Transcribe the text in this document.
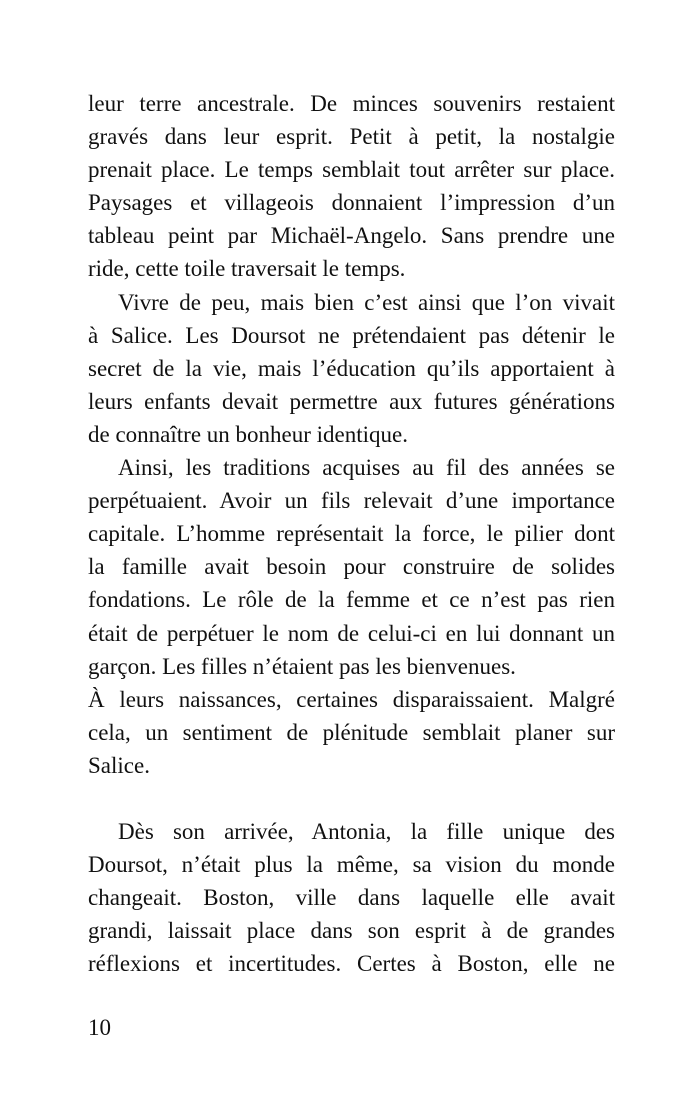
leur terre ancestrale. De minces souvenirs restaient
gravés dans leur esprit. Petit à petit, la nostalgie
prenait place. Le temps semblait tout arrêter sur place.
Paysages et villageois donnaient l’impression d’un
tableau peint par Michaël-Angelo. Sans prendre une
ride, cette toile traversait le temps.
Vivre de peu, mais bien c’est ainsi que l’on vivait
à Salice. Les Doursot ne prétendaient pas détenir le
secret de la vie, mais l’éducation qu’ils apportaient à
leurs enfants devait permettre aux futures générations
de connaître un bonheur identique.
Ainsi, les traditions acquises au fil des années se
perpétuaient. Avoir un fils relevait d’une importance
capitale. L’homme représentait la force, le pilier dont
la famille avait besoin pour construire de solides
fondations. Le rôle de la femme et ce n’est pas rien
était de perpétuer le nom de celui-ci en lui donnant un
garçon. Les filles n’étaient pas les bienvenues.
À leurs naissances, certaines disparaissaient. Malgré
cela, un sentiment de plénitude semblait planer sur
Salice.
Dès son arrivée, Antonia, la fille unique des
Doursot, n’était plus la même, sa vision du monde
changeait. Boston, ville dans laquelle elle avait
grandi, laissait place dans son esprit à de grandes
réflexions et incertitudes. Certes à Boston, elle ne
10
